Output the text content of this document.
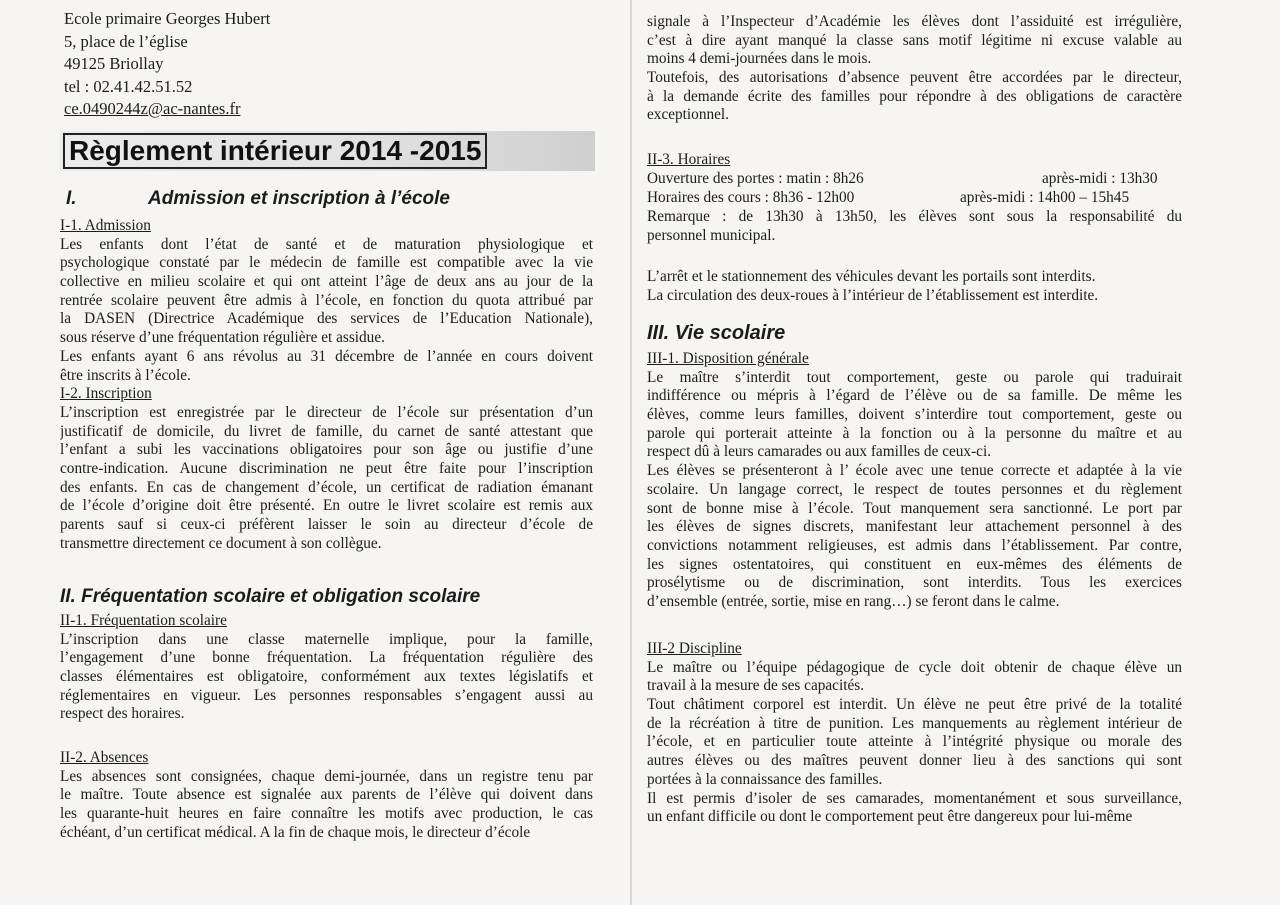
Ecole primaire Georges Hubert
5, place de l’église
49125 Briollay
tel : 02.41.42.51.52
ce.0490244z@ac-nantes.fr
Règlement intérieur 2014 -2015
I.	Admission et inscription à l’école
I-1. Admission
Les enfants dont l’état de santé et de maturation physiologique et
psychologique constaté par le médecin de famille est compatible avec la vie
collective en milieu scolaire et qui ont atteint l’âge de deux ans au jour de la
rentrée scolaire peuvent être admis à l’école, en fonction du quota attribué par
la DASEN (Directrice Académique des services de l’Education Nationale),
sous réserve d’une fréquentation régulière et assidue.
Les enfants ayant 6 ans révolus au 31 décembre de l’année en cours doivent
être inscrits à l’école.
I-2. Inscription
L’inscription est enregistrée par le directeur de l’école sur présentation d’un
justificatif de domicile, du livret de famille, du carnet de santé attestant que
l’enfant a subi les vaccinations obligatoires pour son âge ou justifie d’une
contre-indication. Aucune discrimination ne peut être faite pour l’inscription
des enfants. En cas de changement d’école, un certificat de radiation émanant
de l’école d’origine doit être présenté. En outre le livret scolaire est remis aux
parents sauf si ceux-ci préfèrent laisser le soin au directeur d’école de
transmettre directement ce document à son collègue.
II. Fréquentation scolaire et obligation scolaire
II-1. Fréquentation scolaire
L’inscription dans une classe maternelle implique, pour la famille,
l’engagement d’une bonne fréquentation. La fréquentation régulière des
classes élémentaires est obligatoire, conformément aux textes législatifs et
réglementaires en vigueur. Les personnes responsables s’engagent aussi au
respect des horaires.
II-2. Absences
Les absences sont consignées, chaque demi-journée, dans un registre tenu par
le maître. Toute absence est signalée aux parents de l’élève qui doivent dans
les quarante-huit heures en faire connaître les motifs avec production, le cas
échéant, d’un certificat médical. A la fin de chaque mois, le directeur d’école
signale à l’Inspecteur d’Académie les élèves dont l’assiduité est irrégulière,
c’est à dire ayant manqué la classe sans motif légitime ni excuse valable au
moins 4 demi-journées dans le mois.
Toutefois, des autorisations d’absence peuvent être accordées par le directeur,
à la demande écrite des familles pour répondre à des obligations de caractère
exceptionnel.
II-3. Horaires
Ouverture des portes : matin : 8h26	après-midi : 13h30
Horaires des cours : 8h36 - 12h00	après-midi : 14h00 – 15h45
Remarque : de 13h30 à 13h50, les élèves sont sous la responsabilité du
personnel municipal.
L’arrêt et le stationnement des véhicules devant les portails sont interdits.
La circulation des deux-roues à l’intérieur de l’établissement est interdite.
III. Vie scolaire
III-1. Disposition générale
Le maître s’interdit tout comportement, geste ou parole qui traduirait
indifférence ou mépris à l’égard de l’élève ou de sa famille. De même les
élèves, comme leurs familles, doivent s’interdire tout comportement, geste ou
parole qui porterait atteinte à la fonction ou à la personne du maître et au
respect dû à leurs camarades ou aux familles de ceux-ci.
Les élèves se présenteront à l’ école avec une tenue correcte et adaptée à la vie
scolaire. Un langage correct, le respect de toutes personnes et du règlement
sont de bonne mise à l’école. Tout manquement sera sanctionné. Le port par
les élèves de signes discrets, manifestant leur attachement personnel à des
convictions notamment religieuses, est admis dans l’établissement. Par contre,
les signes ostentatoires, qui constituent en eux-mêmes des éléments de
prosélytisme ou de discrimination, sont interdits. Tous les exercices
d’ensemble (entrée, sortie, mise en rang…) se feront dans le calme.
III-2 Discipline
Le maître ou l’équipe pédagogique de cycle doit obtenir de chaque élève un
travail à la mesure de ses capacités.
Tout châtiment corporel est interdit. Un élève ne peut être privé de la totalité
de la récréation à titre de punition. Les manquements au règlement intérieur de
l’école, et en particulier toute atteinte à l’intégrité physique ou morale des
autres élèves ou des maîtres peuvent donner lieu à des sanctions qui sont
portées à la connaissance des familles.
Il est permis d’isoler de ses camarades, momentanément et sous surveillance,
un enfant difficile ou dont le comportement peut être dangereux pour lui-même
